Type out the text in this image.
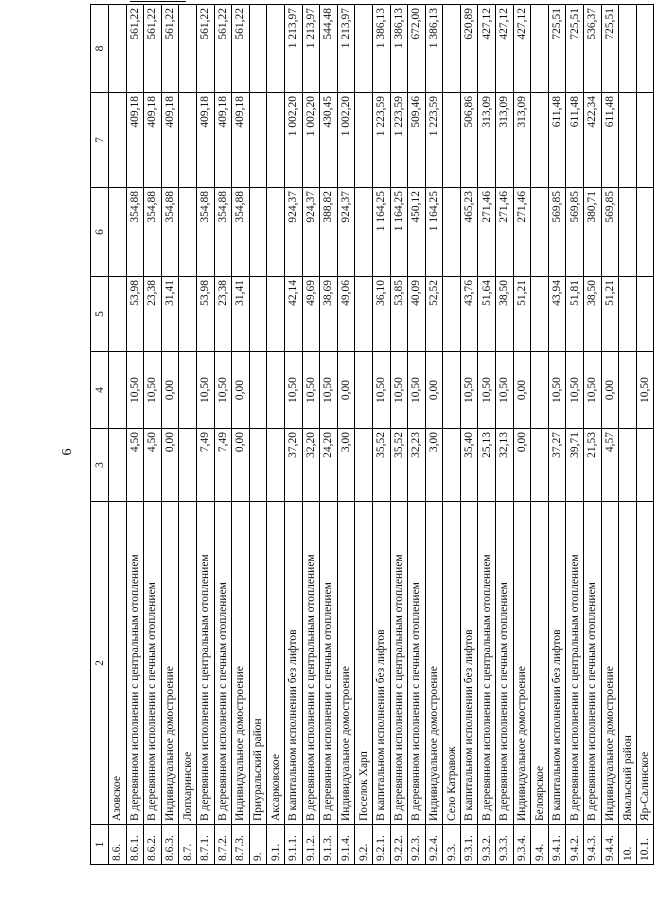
6
1	2	3	4	5	6	7	8
8.6.	Азовское						
8.6.1.	В деревянном исполнении с центральным отоплением	4,50	10,50	53,98	354,88	409,18	561,22
8.6.2.	В деревянном исполнении с печным отоплением	4,50	10,50	23,38	354,88	409,18	561,22
8.6.3.	Индивидуальное домостроение	0,00	0,00	31,41	354,88	409,18	561,22
8.7.	Лопхаринское						
8.7.1.	В деревянном исполнении с центральным отоплением	7,49	10,50	53,98	354,88	409,18	561,22
8.7.2.	В деревянном исполнении с печным отоплением	7,49	10,50	23,38	354,88	409,18	561,22
8.7.3.	Индивидуальное домостроение	0,00	0,00	31,41	354,88	409,18	561,22
9.	Приуральский район						
9.1.	Аксарковское						
9.1.1.	В капитальном исполнении без лифтов	37,20	10,50	42,14	924,37	1 002,20	1 213,97
9.1.2.	В деревянном исполнении с центральным отоплением	32,20	10,50	49,69	924,37	1 002,20	1 213,97
9.1.3.	В деревянном исполнении с печным отоплением	24,20	10,50	38,69	388,82	430,45	544,48
9.1.4.	Индивидуальное домостроение	3,00	0,00	49,06	924,37	1 002,20	1 213,97
9.2.	Поселок Харп						
9.2.1.	В капитальном исполнении без лифтов	35,52	10,50	36,10	1 164,25	1 223,59	1 386,13
9.2.2.	В деревянном исполнении с центральным отоплением	35,52	10,50	53,85	1 164,25	1 223,59	1 386,13
9.2.3.	В деревянном исполнении с печным отоплением	32,23	10,50	40,09	450,12	509,46	672,00
9.2.4.	Индивидуальное домостроение	3,00	0,00	52,52	1 164,25	1 223,59	1 386,13
9.3.	Село Катравож						
9.3.1.	В капитальном исполнении без лифтов	35,40	10,50	43,76	465,23	506,86	620,89
9.3.2.	В деревянном исполнении с центральным отоплением	25,13	10,50	51,64	271,46	313,09	427,12
9.3.3.	В деревянном исполнении с печным отоплением	32,13	10,50	38,50	271,46	313,09	427,12
9.3.4.	Индивидуальное домостроение	0,00	0,00	51,21	271,46	313,09	427,12
9.4.	Белоярское						
9.4.1.	В капитальном исполнении без лифтов	37,27	10,50	43,94	569,85	611,48	725,51
9.4.2.	В деревянном исполнении с центральным отоплением	39,71	10,50	51,81	569,85	611,48	725,51
9.4.3.	В деревянном исполнении с печным отоплением	21,53	10,50	38,50	380,71	422,34	536,37
9.4.4.	Индивидуальное домостроение	4,57	0,00	51,21	569,85	611,48	725,51
10.	Ямальский район						
10.1.	Яр-Салинское		10,50				
